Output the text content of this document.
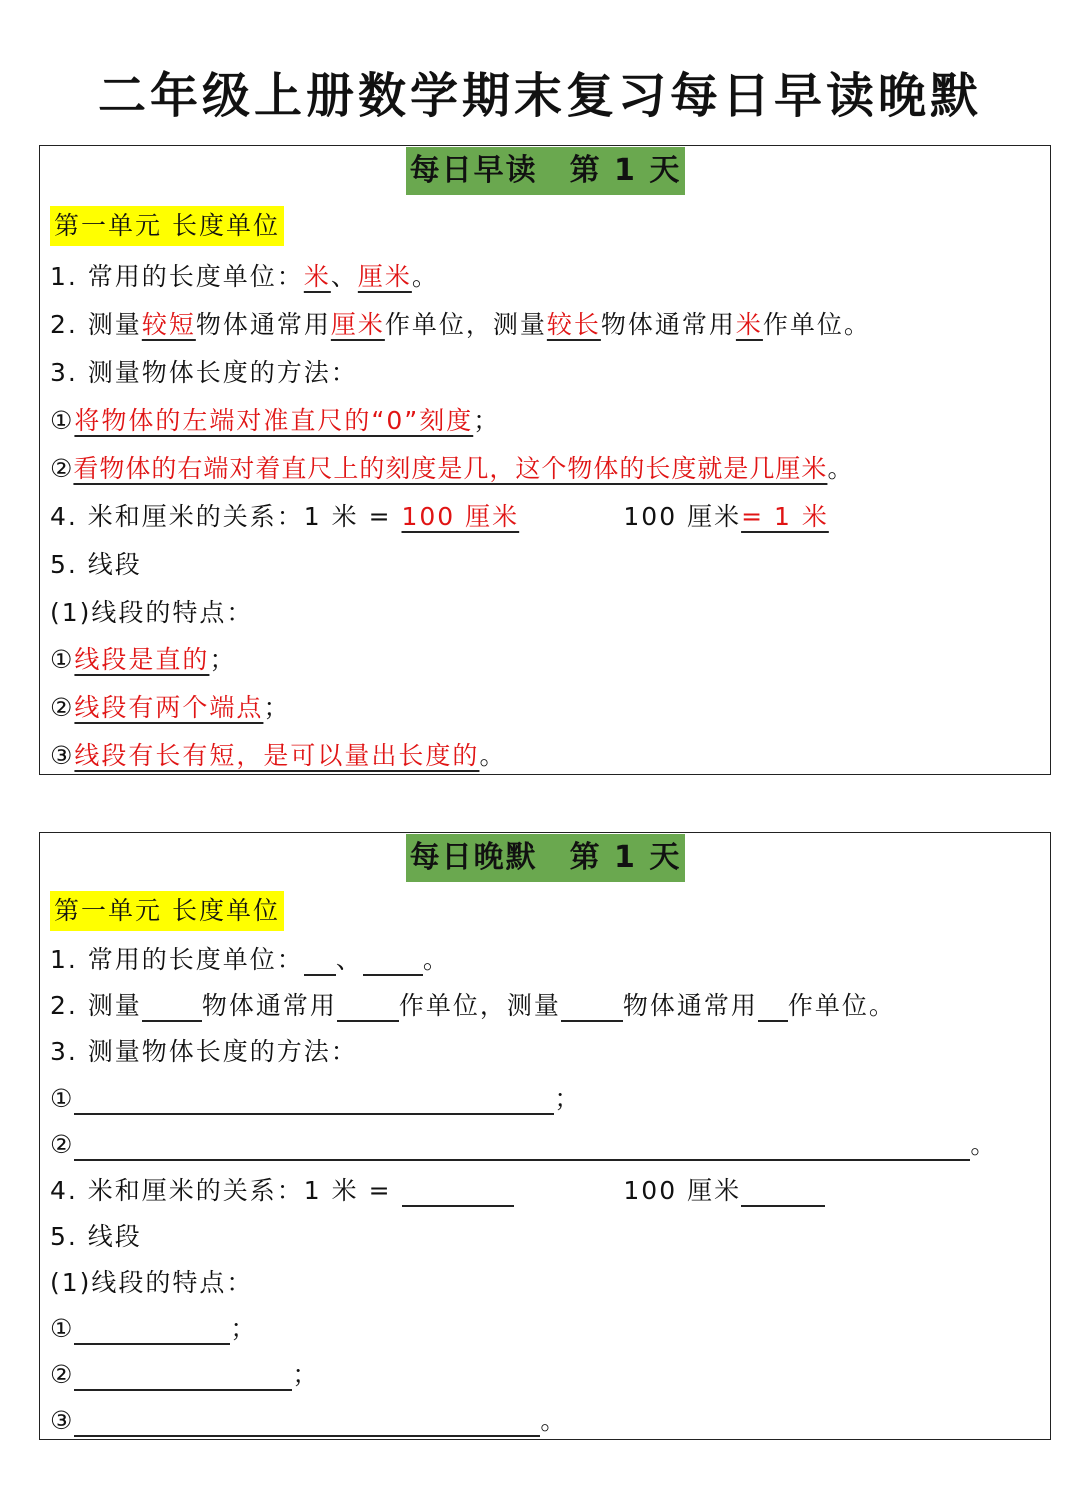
二年级上册数学期末复习每日早读晚默
每日早读　第 1 天
第一单元 长度单位
1. 常用的长度单位：米、厘米。
2. 测量较短物体通常用厘米作单位，测量较长物体通常用米作单位。
3. 测量物体长度的方法：
①将物体的左端对准直尺的“0”刻度；
②看物体的右端对着直尺上的刻度是几，这个物体的长度就是几厘米。
4. 米和厘米的关系：1 米 = 100 厘米	100 厘米= 1 米
5. 线段
(1)线段的特点：
①线段是直的；
②线段有两个端点；
③线段有长有短，是可以量出长度的。
每日晚默　第 1 天
第一单元 长度单位
1. 常用的长度单位： 、 。
2. 测量 物体通常用 作单位，测量 物体通常用 作单位。
3. 测量物体长度的方法：
①	；
②	。
4. 米和厘米的关系：1 米 =	100 厘米
5. 线段
(1)线段的特点：
①	；
②	；
③	。
